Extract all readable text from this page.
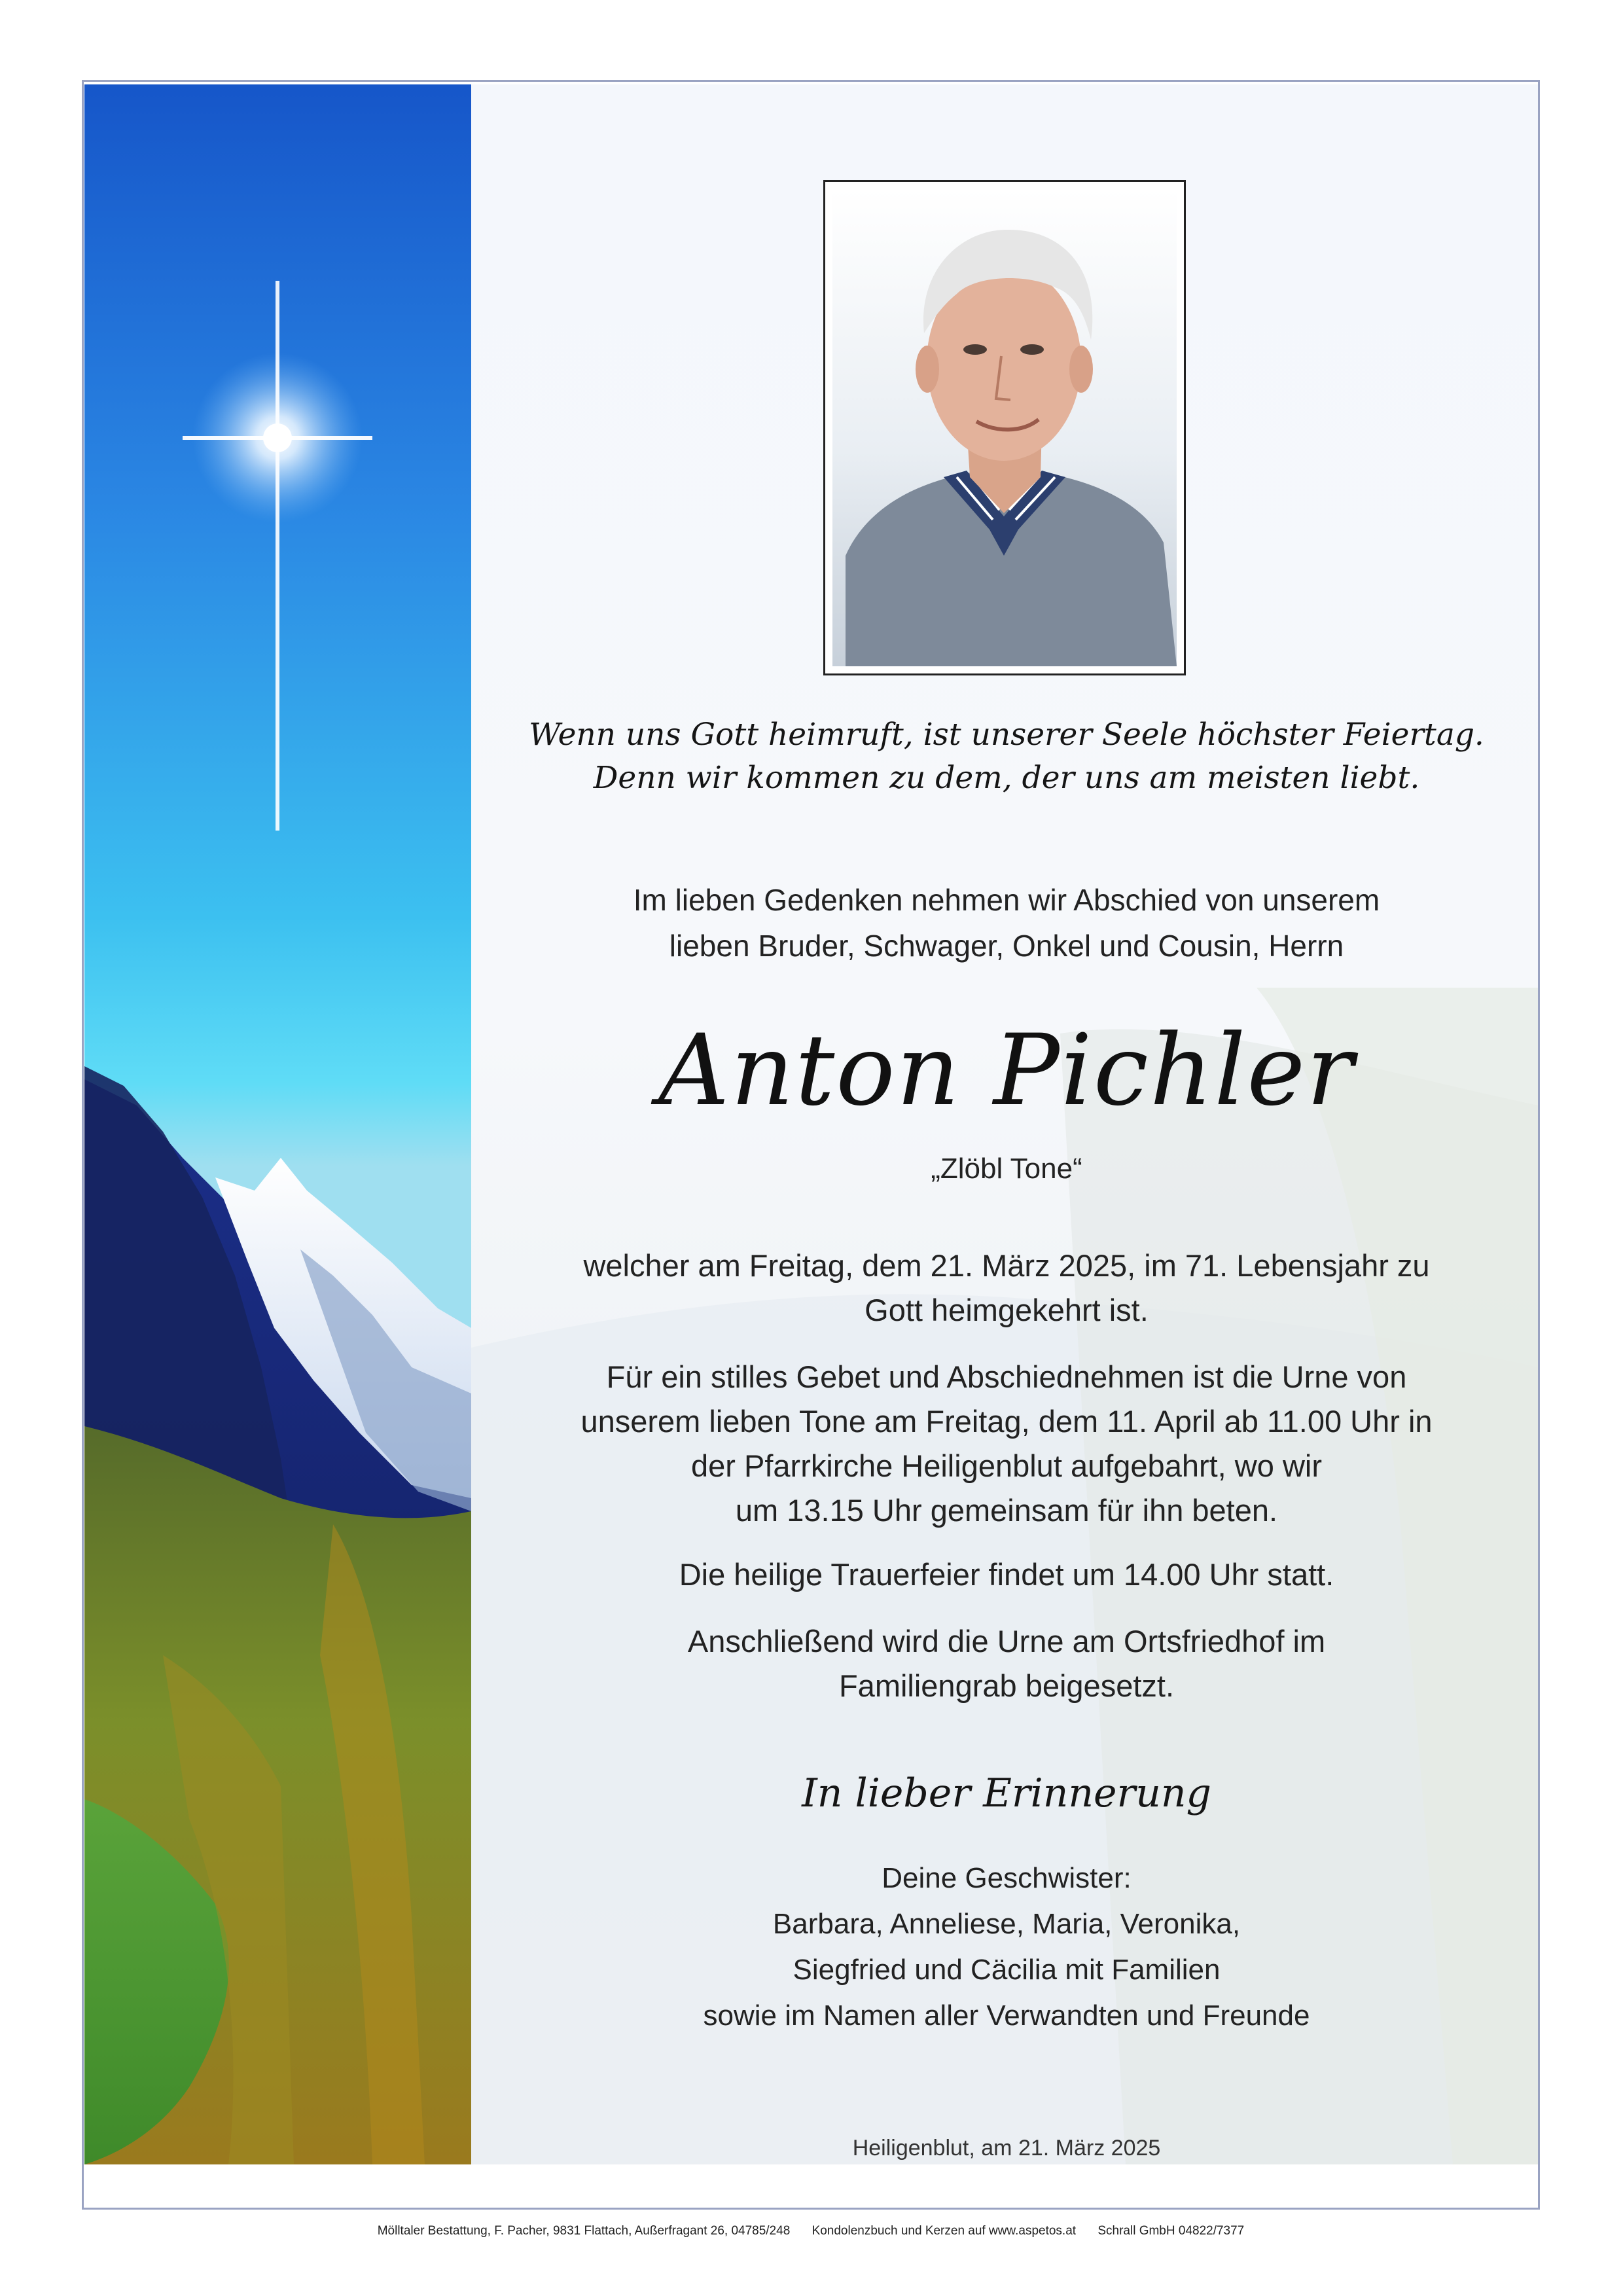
Wenn uns Gott heimruft, ist unserer Seele höchster Feiertag.
Denn wir kommen zu dem, der uns am meisten liebt.
Im lieben Gedenken nehmen wir Abschied von unserem
lieben Bruder, Schwager, Onkel und Cousin, Herrn
Anton Pichler
„Zlöbl Tone“
welcher am Freitag, dem 21. März 2025, im 71. Lebensjahr zu
Gott heimgekehrt ist.
Für ein stilles Gebet und Abschiednehmen ist die Urne von
unserem lieben Tone am Freitag, dem 11. April ab 11.00 Uhr in
der Pfarrkirche Heiligenblut aufgebahrt, wo wir
um 13.15 Uhr gemeinsam für ihn beten.
Die heilige Trauerfeier findet um 14.00 Uhr statt.
Anschließend wird die Urne am Ortsfriedhof im
Familiengrab beigesetzt.
In lieber Erinnerung
Deine Geschwister:
Barbara, Anneliese, Maria, Veronika,
Siegfried und Cäcilia mit Familien
sowie im Namen aller Verwandten und Freunde
Heiligenblut, am 21. März 2025
Mölltaler Bestattung, F. Pacher, 9831 Flattach, Außerfragant 26, 04785/248 Kondolenzbuch und Kerzen auf www.aspetos.at Schrall GmbH 04822/7377
